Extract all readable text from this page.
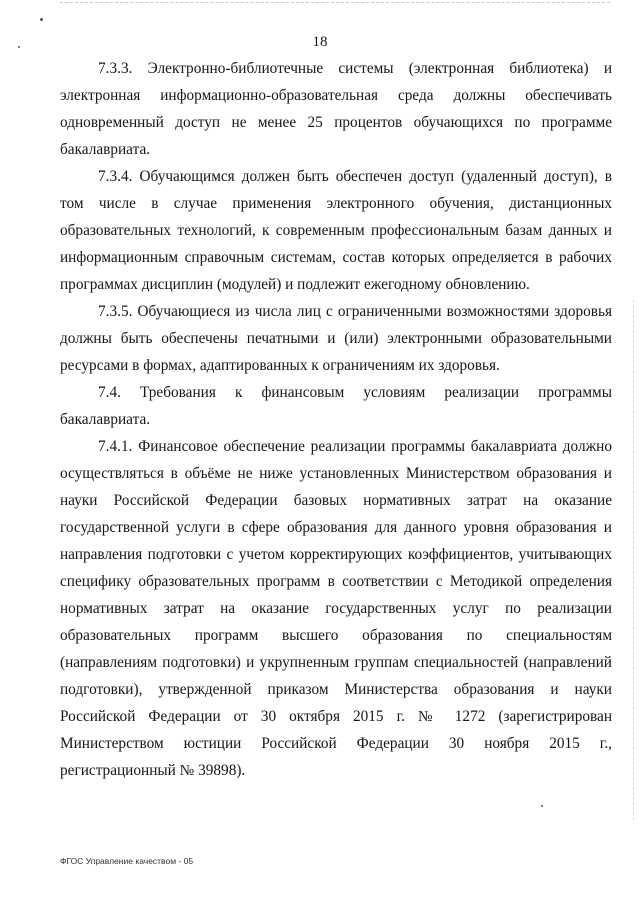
18

7.3.3. Электронно-библиотечные системы (электронная библиотека) и электронная информационно-образовательная среда должны обеспечивать одновременный доступ не менее 25 процентов обучающихся по программе бакалавриата.

7.3.4. Обучающимся должен быть обеспечен доступ (удаленный доступ), в том числе в случае применения электронного обучения, дистанционных образовательных технологий, к современным профессиональным базам данных и информационным справочным системам, состав которых определяется в рабочих программах дисциплин (модулей) и подлежит ежегодному обновлению.

7.3.5. Обучающиеся из числа лиц с ограниченными возможностями здоровья должны быть обеспечены печатными и (или) электронными образовательными ресурсами в формах, адаптированных к ограничениям их здоровья.

7.4. Требования к финансовым условиям реализации программы бакалавриата.

7.4.1. Финансовое обеспечение реализации программы бакалавриата должно осуществляться в объёме не ниже установленных Министерством образования и науки Российской Федерации базовых нормативных затрат на оказание государственной услуги в сфере образования для данного уровня образования и направления подготовки с учетом корректирующих коэффициентов, учитывающих специфику образовательных программ в соответствии с Методикой определения нормативных затрат на оказание государственных услуг по реализации образовательных программ высшего образования по специальностям (направлениям подготовки) и укрупненным группам специальностей (направлений подготовки), утвержденной приказом Министерства образования и науки Российской Федерации от 30 октября 2015 г. № 1272 (зарегистрирован Министерством юстиции Российской Федерации 30 ноября 2015 г., регистрационный № 39898).

ФГОС Управление качеством - 05
